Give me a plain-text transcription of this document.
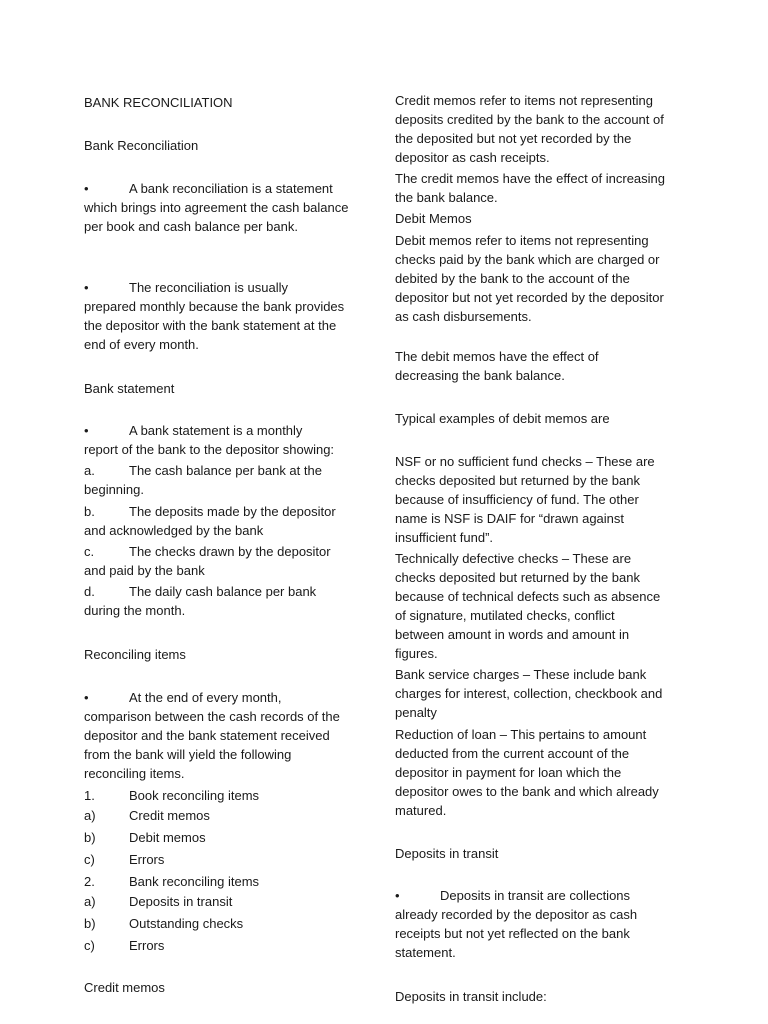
BANK RECONCILIATION

Bank Reconciliation

•	A bank reconciliation is a statement
which brings into agreement the cash balance per book and cash balance per bank.

•	The reconciliation is usually
prepared monthly because the bank provides the depositor with the bank statement at the end of every month.

Bank statement

•	A bank statement is a monthly
report of the bank to the depositor showing:

a.	The cash balance per bank at the
beginning.

b.	The deposits made by the depositor
and acknowledged by the bank

c.	The checks drawn by the depositor
and paid by the bank

d.	The daily cash balance per bank
during the month.

Reconciling items

•	At the end of every month,
comparison between the cash records of the depositor and the bank statement received from the bank will yield the following reconciling items.

1.	Book reconciling items

a)	Credit memos

b)	Debit memos

c)	Errors

2.	Bank reconciling items

a)	Deposits in transit

b)	Outstanding checks

c)	Errors

Credit memos

Credit memos refer to items not representing deposits credited by the bank to the account of the deposited but not yet recorded by the depositor as cash receipts.

The credit memos have the effect of increasing the bank balance.

Debit Memos

Debit memos refer to items not representing checks paid by the bank which are charged or debited by the bank to the account of the depositor but not yet recorded by the depositor as cash disbursements.

The debit memos have the effect of decreasing the bank balance.

Typical examples of debit memos are

NSF or no sufficient fund checks – These are checks deposited but returned by the bank because of insufficiency of fund. The other name is NSF is DAIF for “drawn against insufficient fund”.

Technically defective checks – These are checks deposited but returned by the bank because of technical defects such as absence of signature, mutilated checks, conflict between amount in words and amount in figures.

Bank service charges – These include bank charges for interest, collection, checkbook and penalty

Reduction of loan – This pertains to amount deducted from the current account of the depositor in payment for loan which the depositor owes to the bank and which already matured.

Deposits in transit

•	Deposits in transit are collections
already recorded by the depositor as cash receipts but not yet reflected on the bank statement.

Deposits in transit include:
